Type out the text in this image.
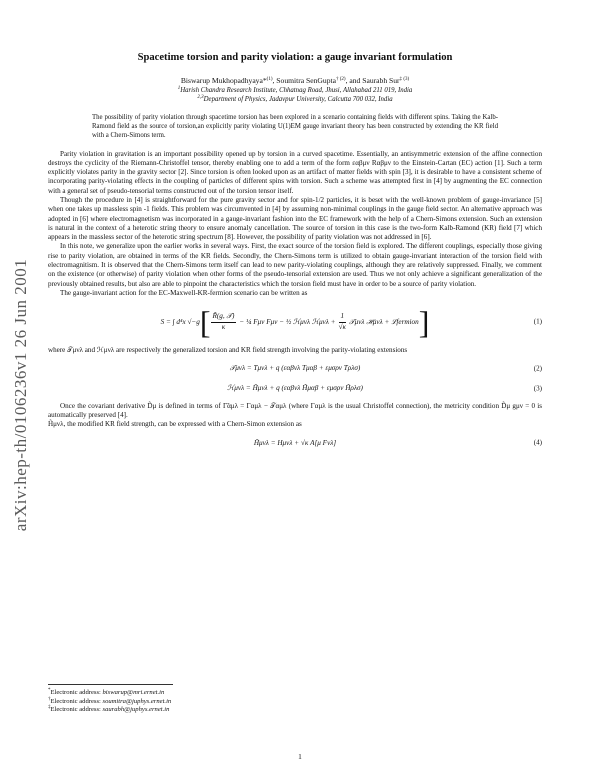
arXiv:hep-th/0106236v1 26 Jun 2001
Spacetime torsion and parity violation: a gauge invariant formulation
Biswarup Mukhopadhyaya*$^{(1)}$, Soumitra SenGupta$^{\dagger (2)}$, and Saurabh Sur$^{\ddagger (3)}$
$^1$Harish Chandra Research Institute, Chhatnag Road, Jhusi, Allahabad 211 019, India
$^{2,3}$Department of Physics, Jadavpur University, Calcutta 700 032, India
The possibility of parity violation through spacetime torsion has been explored in a scenario containing fields with different spins. Taking the Kalb-Ramond field as the source of torsion,an explicitly parity violating U(1)EM gauge invariant theory has been constructed by extending the KR field with a Chern-Simons term.

Parity violation in gravitation is an important possibility opened up by torsion in a curved spacetime. Essentially, an antisymmetric extension of the affine connection destroys the cyclicity of the Riemann-Christoffel tensor, thereby enabling one to add a term of the form εαβμν Rαβμν to the Einstein-Cartan (EC) action [1]. Such a term explicitly violates parity in the gravity sector [2]. Since torsion is often looked upon as an artifact of matter fields with spin [3], it is desirable to have a consistent scheme of incorporating parity-violating effects in the coupling of particles of different spins with torsion. Such a scheme was attempted first in [4] by augmenting the EC connection with a general set of pseudo-tensorial terms constructed out of the torsion tensor itself.

Though the procedure in [4] is straightforward for the pure gravity sector and for spin-1/2 particles, it is beset with the well-known problem of gauge-invariance [5] when one takes up massless spin -1 fields. This problem was circumvented in [4] by assuming non-minimal couplings in the gauge field sector. An alternative approach was adopted in [6] where electromagnetism was incorporated in a gauge-invariant fashion into the EC framework with the help of a Chern-Simons extension. Such an extension is natural in the context of a heterotic string theory to ensure anomaly cancellation. The source of torsion in this case is the two-form Kalb-Ramond (KR) field [7] which appears in the massless sector of the heterotic string spectrum [8]. However, the possibility of parity violation was not addressed in [6].

In this note, we generalize upon the earlier works in several ways. First, the exact source of the torsion field is explored. The different couplings, especially those giving rise to parity violation, are obtained in terms of the KR fields. Secondly, the Chern-Simons term is utilized to obtain gauge-invariant interaction of the torsion field with electromagnitism. It is observed that the Chern-Simons term itself can lead to new parity-violating couplings, although they are relatively suppressed. Finally, we comment on the existence (or otherwise) of parity violation when other forms of the pseudo-tensorial extension are used. Thus we not only achieve a significant generalization of the previously obtained results, but also are able to pinpoint the characteristics which the torsion field must have in order to be a source of parity violation.

The gauge-invariant action for the EC-Maxwell-KR-fermion scenario can be written as

S = ∫ d⁴x √−g [ $\frac{\text{R̃(g, 𝒯)}}{\kappa}$ − ¼ Fμν Fμν − ½ ℋμνλ ℋμνλ + $\frac{1}{√\kappa}$ 𝒯μνλ ℋμνλ + ℒfermion ]	(1)

where 𝒯μνλ and ℋμνλ are respectively the generalized torsion and KR field strength involving the parity-violating extensions

𝒯μνλ = Tμνλ + q (εαβνλ Tμαβ + εμσρν Tρλσ)	(2)
ℋμνλ = H̃μνλ + q (εαβνλ H̃μαβ + εμσρν H̃ρλσ)	(3)

Once the covariant derivative D̃μ is defined in terms of Γ̃αμλ = Γαμλ − 𝒯αμλ (where Γαμλ is the usual Christoffel connection), the metricity condition D̃μ gμν = 0 is automatically preserved [4].

H̃μνλ, the modified KR field strength, can be expressed with a Chern-Simon extension as

H̃μνλ = Hμνλ + √κ A[μ Fνλ]	(4)
*Electronic address: biswarup@mri.ernet.in
†Electronic address: soumitra@juphys.ernet.in
‡Electronic address: saurabh@juphys.ernet.in
1
